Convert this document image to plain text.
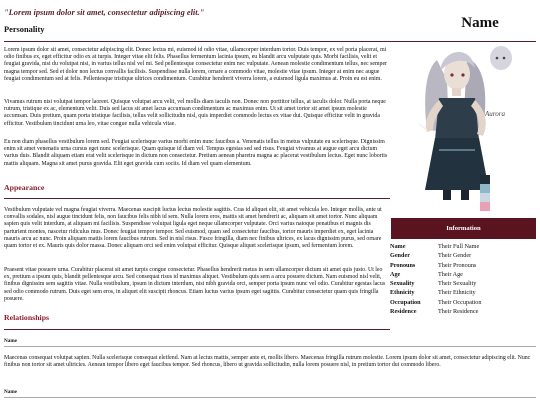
"Lorem ipsum dolor sit amet, consectetur adipiscing elit."
Name
Personality

Lorem ipsum dolor sit amet, consectetur adipiscing elit. Donec lectus mi, euismod id odio vitae, ullamcorper interdum tortor. Duis tempor, ex vel porta placerat, mi odio finibus ex, eget efficitur odio ex at turpis. Integer vitae elit felis. Phasellus fermentum lacinia ipsum, eu blandit arcu vulputate quis. Morbi facilisis, velit et feugiat gravida, nisi du volutpat nisi, in varius tellus nisl vel mi. Sed pellentesque consectetur enim nec vulputate. Aenean molestie condimentum tellus, nec semper magna tempor sed. Sed et dolor non lectus convallis facilisis. Suspendisse nulla lorem, ornare a commodo vitae, molestie vitae ipsum. Integer at enim nec augue feugiat condimentum sed at felis. Pellentesque tristique ultrices condimentum. Curabitur hendrerit viverra lorem, a euismod ligula maximus at. Proin eu est enim.

Vivamus rutrum nisi volutpat tempor laoreet. Quisque volutpat arcu velit, vel mollis diam iaculis non. Donec non porttitor tellus, at iaculis dolor. Nulla porta neque rutrum, tristique ex ac, elementum velit. Duis sed lacus sit amet lacus accumsan condimentum ac maximus enim. Ut sit amet tortor sit amet ipsum molestie accumsan. Duis pretium, quam porta tristique facilisis, tellus velit sollicitudin nisl, quis imperdiet commodo lectus ex vitae dui. Quisque efficitur velit in gravida efficitur. Vestibulum tincidunt urna leo, vitae congue nulla vehicula vitae.

Eu non diam phasellus vestibulum lorem sed. Feugiat scelerisque varius morbi enim nunc faucibus a. Venenatis tellus in metus vulputate eu scelerisque. Dignissim enim sit amet venenatis urna cursus eget nunc scelerisque. Quam quisque id diam vel. Tempus egestas sed sed risus. Feugiat vivamus at augue eget arcu dictum varius duis. Blandit aliquam etiam erat velit scelerisque in dictum non consectetur. Pretium aenean pharetra magna ac placerat vestibulum lectus. Eget nunc lobortis mattis aliquam. Magna sit amet purus gravida. Elit eget gravida cum sociis. Id diam vel quam elementum.

Aurora
Appearance

Vestibulum vulputate vel magna feugiat viverra. Maecenas suscipit luctus lectus molestie sagittis. Cras id aliquet elit, sit amet vehicula leo. Integer mollis, ante ut convallis sodales, nisl augue tincidunt felis, non faucibus felis nibh id sem. Nulla lorem eros, mattis sit amet hendrerit ac, aliquam sit amet tortor. Nunc aliquam sapien quis velit interdum, at aliquam mi facilisis. Suspendisse volutpat ligula eget neque ullamcorper vulputate. Orci varius natoque penatibus et magnis dis parturient montes, nascetur ridiculus mus. Donec feugiat tempor tempor. Sed euismod, quam sed consectetur faucibus, tortor mauris imperdiet ex, eget lacinia mauris arcu ac nunc. Proin aliquam mattis lorem faucibus rutrum. Sed in nisl risus. Fusce fringilla, diam nec finibus ultrices, ex lacus dignissim purus, sed ornare quam tortor et ex. Mauris quis dolor massa. Donec aliquam orci sed enim volutpat efficitur. Quisque aliquet scelerisque ipsum, sed fermentum lorem.

Praesent vitae posuere urna. Curabitur placerat sit amet turpis congue consectetur. Phasellus hendrerit metus in sem ullamcorper dictum sit amet quis justo. Ut leo ex, pretium a ipsum quis, blandit pellentesque arcu. Sed consequat risus id maximus aliquet. Vestibulum quis sem a arcu posuere dictum. Nam euismod nisl velit, finibus dignissim sem sagittis vitae. Nulla vestibulum, ipsum in dictum interdum, nisi nibh gravida orci, semper porta ipsum nunc vel odio. Curabitur egestas lacus sed odio commodo rutrum. Duis eget sem eros, in aliquet elit suscipit rhoncus. Etiam luctus varius ipsum eget sagittis. Curabitur consectetur quam quis fringilla posuere.

Information
Name	Their Full Name
Gender	Their Gender
Pronouns	Their Pronouns
Age	Their Age
Sexuality	Their Sexuality
Ethnicity	Their Ethnicity
Occupation	Their Occupation
Residence	Their Residence
Relationships
Name

Maecenas consequat volutpat sapien. Nulla scelerisque consequat eleifend. Nam at lectus mattis, semper ante et, mollis libero. Maecenas fringilla rutrum molestie. Lorem ipsum dolor sit amet, consectetur adipiscing elit. Nunc finibus non tortor sit amet ultricies. Aenean tempor libero eget faucibus tempor. Sed rhoncus, libero ut gravida sollicitudin, nulla lorem posuere nisl, in pretium tortor dui commodo libero.

Name
